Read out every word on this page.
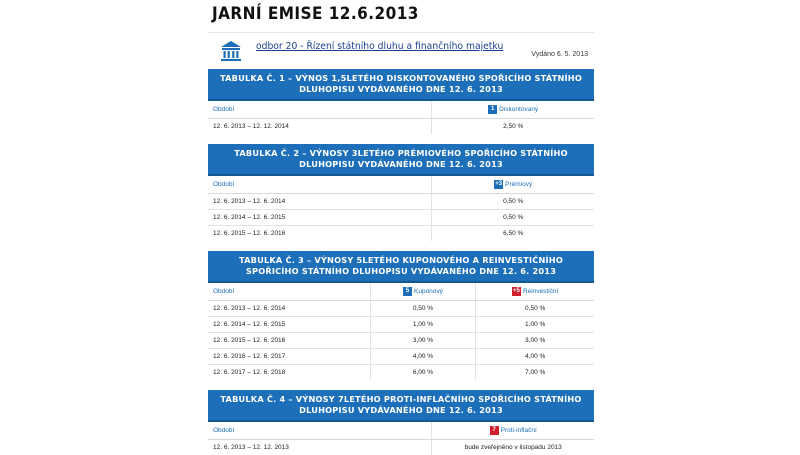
JARNÍ EMISE 12.6.2013
odbor 20 - Řízení státního dluhu a finančního majetku
Vydáno 6. 5. 2013
TABULKA Č. 1 – VÝNOS 1,5LETÉHO DISKONTOVANÉHO SPOŘICÍHO STÁTNÍHO DLUHOPISU VYDÁVANÉHO DNE 12. 6. 2013
Období	1 Diskontovaný
12. 6. 2013 – 12. 12. 2014	2,50 %
TABULKA Č. 2 – VÝNOSY 3LETÉHO PRÉMIOVÉHO SPOŘICÍHO STÁTNÍHO DLUHOPISU VYDÁVANÉHO DNE 12. 6. 2013
Období	+3 Prémiový
12. 6. 2013 – 12. 6. 2014	0,50 %
12. 6. 2014 – 12. 6. 2015	0,50 %
12. 6. 2015 – 12. 6. 2016	6,50 %
TABULKA Č. 3 – VÝNOSY 5LETÉHO KUPONOVÉHO A REINVESTIČNÍHO SPOŘICÍHO STÁTNÍHO DLUHOPISU VYDÁVANÉHO DNE 12. 6. 2013
Období	5 Kuponový	+5 Reinvestiční
12. 6. 2013 – 12. 6. 2014	0,50 %	0,50 %
12. 6. 2014 – 12. 6. 2015	1,00 %	1,00 %
12. 6. 2015 – 12. 6. 2016	3,00 %	3,00 %
12. 6. 2016 – 12. 6. 2017	4,00 %	4,00 %
12. 6. 2017 – 12. 6. 2018	6,00 %	7,00 %
TABULKA Č. 4 – VÝNOSY 7LETÉHO PROTI-INFLAČNÍHO SPOŘICÍHO STÁTNÍHO DLUHOPISU VYDÁVANÉHO DNE 12. 6. 2013
Období	7 Proti-inflační
12. 6. 2013 – 12. 12. 2013	bude zveřejněno v listopadu 2013
